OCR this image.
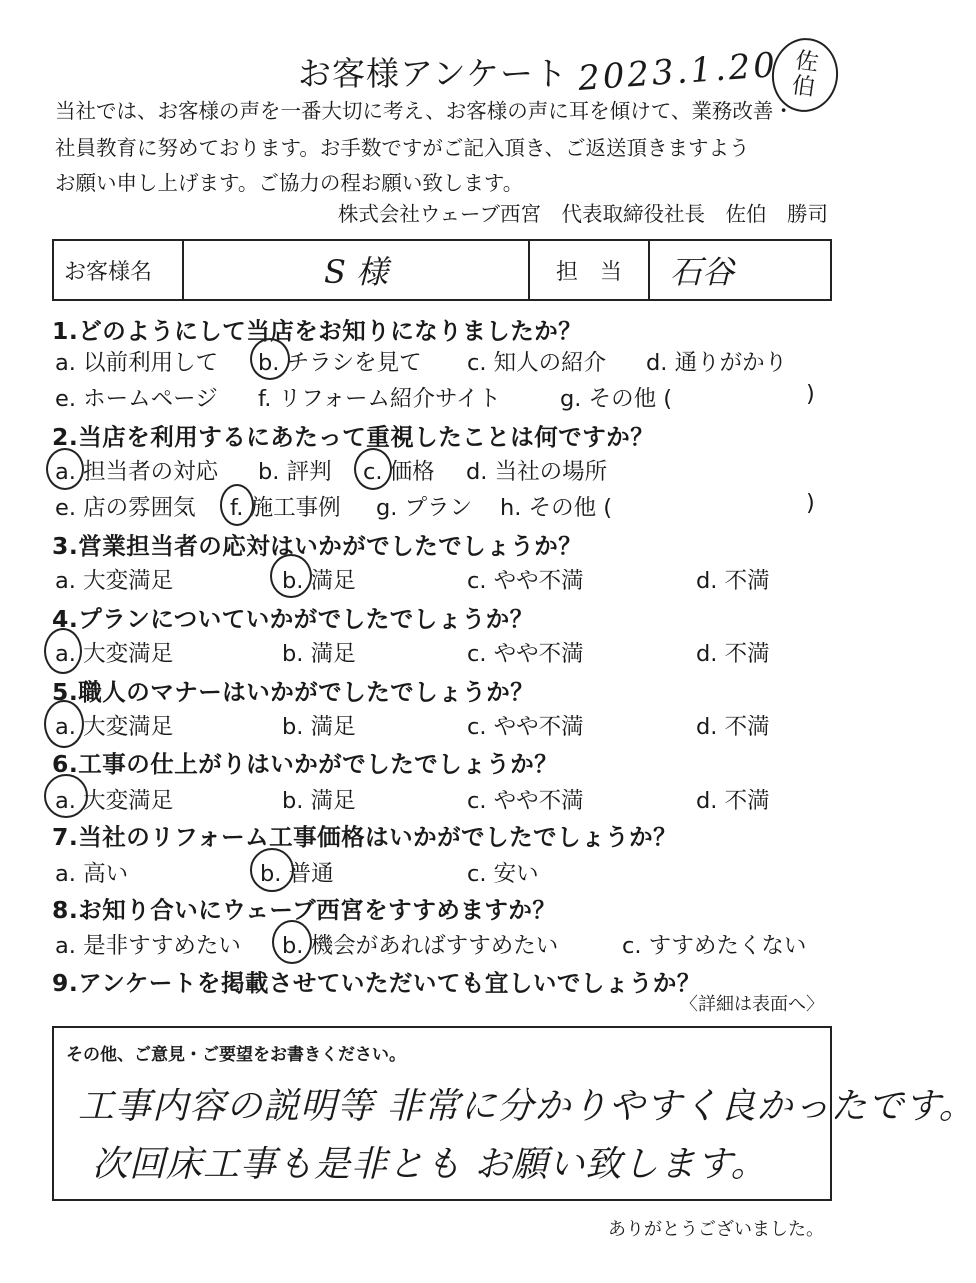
お客様アンケート 2023.1.20 佐
伯
当社では、お客様の声を一番大切に考え、お客様の声に耳を傾けて、業務改善・
社員教育に努めております。お手数ですがご記入頂き、ご返送頂きますよう
お願い申し上げます。ご協力の程お願い致します。
株式会社ウェーブ西宮　代表取締役社長　佐伯　勝司
お客様名	S 様	担　当	石谷
1.どのようにして当店をお知りになりましたか？
a. 以前利用して b. チラシを見て c. 知人の紹介 d. 通りがかり
e. ホームページ f. リフォーム紹介サイト	g. その他 (	)
2.当店を利用するにあたって重視したことは何ですか？
a. 担当者の対応 b. 評判 c. 価格 d. 当社の場所
e. 店の雰囲気 f. 施工事例 g. プラン h. その他 (	)
3.営業担当者の応対はいかがでしたでしょうか？
a. 大変満足	b. 満足	c. やや不満	d. 不満
4.プランについていかがでしたでしょうか？
a. 大変満足	b. 満足	c. やや不満	d. 不満
5.職人のマナーはいかがでしたでしょうか？
a. 大変満足	b. 満足	c. やや不満	d. 不満
6.工事の仕上がりはいかがでしたでしょうか？
a. 大変満足	b. 満足	c. やや不満	d. 不満
7.当社のリフォーム工事価格はいかがでしたでしょうか？
a. 高い	b. 普通	c. 安い
8.お知り合いにウェーブ西宮をすすめますか？
a. 是非すすめたい b. 機会があればすすめたい	c. すすめたくない
9.アンケートを掲載させていただいても宜しいでしょうか？
〈詳細は表面へ〉
その他、ご意見・ご要望をお書きください。
工事内容の説明等 非常に分かりやすく良かったです。
次回床工事も是非とも お願い致します。
ありがとうございました。
